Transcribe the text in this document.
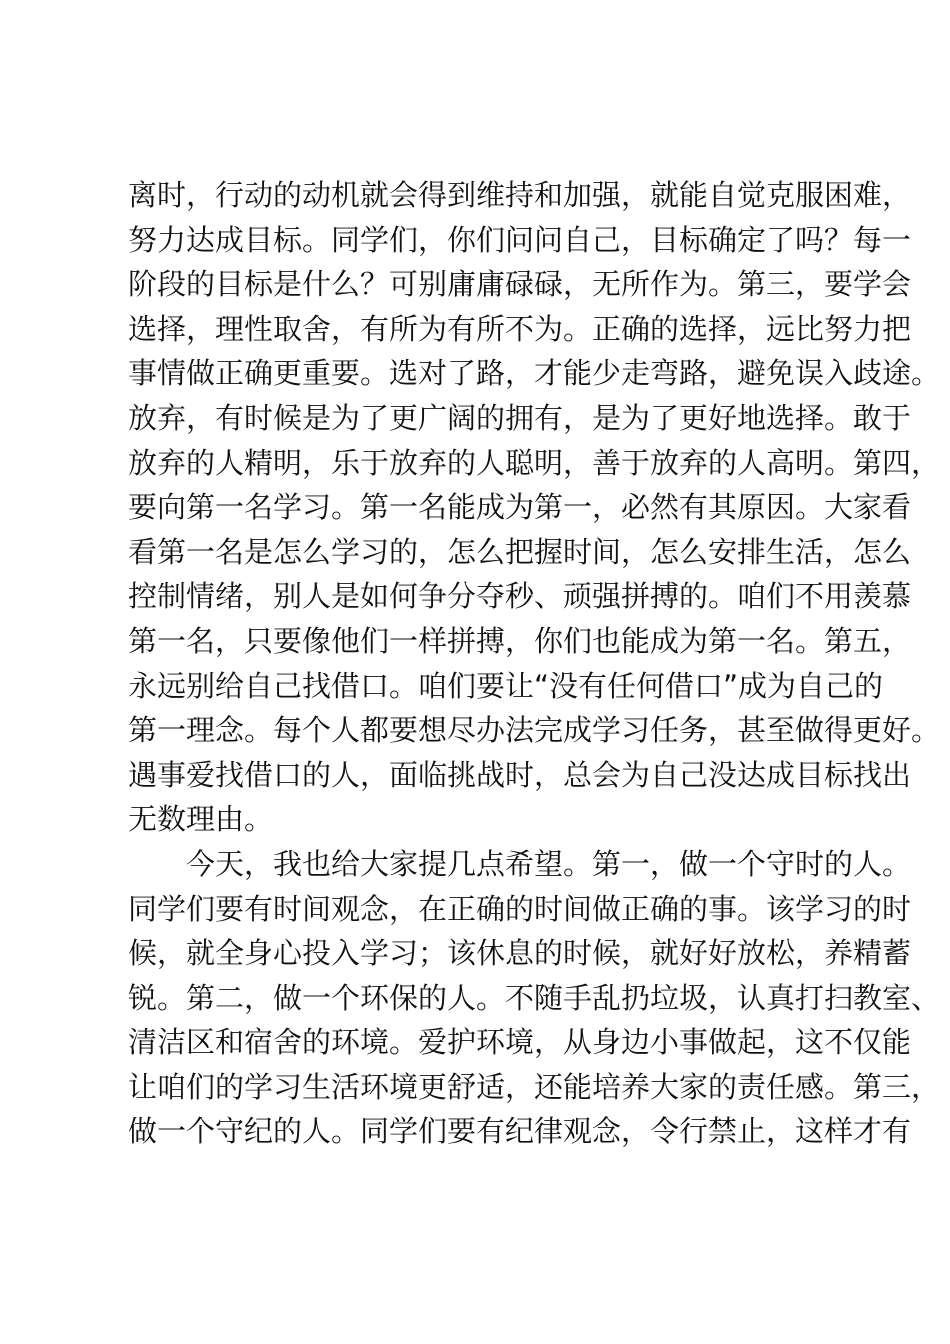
离时，行动的动机就会得到维持和加强，就能自觉克服困难，
努力达成目标。同学们，你们问问自己，目标确定了吗？每一
阶段的目标是什么？可别庸庸碌碌，无所作为。第三，要学会
选择，理性取舍，有所为有所不为。正确的选择，远比努力把
事情做正确更重要。选对了路，才能少走弯路，避免误入歧途。
放弃，有时候是为了更广阔的拥有，是为了更好地选择。敢于
放弃的人精明，乐于放弃的人聪明，善于放弃的人高明。第四，
要向第一名学习。第一名能成为第一，必然有其原因。大家看
看第一名是怎么学习的，怎么把握时间，怎么安排生活，怎么
控制情绪，别人是如何争分夺秒、顽强拼搏的。咱们不用羡慕
第一名，只要像他们一样拼搏，你们也能成为第一名。第五，
永远别给自己找借口。咱们要让“没有任何借口”成为自己的
第一理念。每个人都要想尽办法完成学习任务，甚至做得更好。
遇事爱找借口的人，面临挑战时，总会为自己没达成目标找出
无数理由。
今天，我也给大家提几点希望。第一，做一个守时的人。
同学们要有时间观念，在正确的时间做正确的事。该学习的时
候，就全身心投入学习；该休息的时候，就好好放松，养精蓄
锐。第二，做一个环保的人。不随手乱扔垃圾，认真打扫教室、
清洁区和宿舍的环境。爱护环境，从身边小事做起，这不仅能
让咱们的学习生活环境更舒适，还能培养大家的责任感。第三，
做一个守纪的人。同学们要有纪律观念，令行禁止，这样才有
